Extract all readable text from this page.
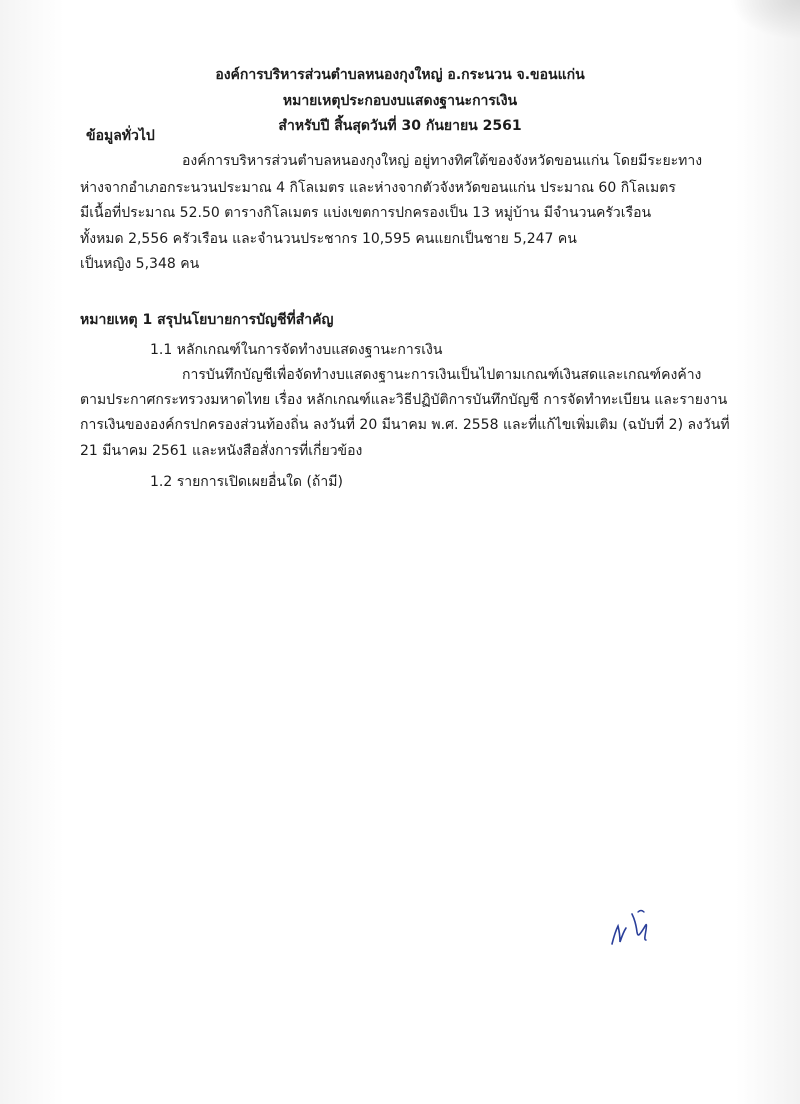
องค์การบริหารส่วนตำบลหนองกุงใหญ่ อ.กระนวน จ.ขอนแก่น
หมายเหตุประกอบงบแสดงฐานะการเงิน
สำหรับปี สิ้นสุดวันที่ 30 กันยายน 2561
ข้อมูลทั่วไป
องค์การบริหารส่วนตำบลหนองกุงใหญ่ อยู่ทางทิศใต้ของจังหวัดขอนแก่น โดยมีระยะทาง
ห่างจากอำเภอกระนวนประมาณ 4 กิโลเมตร และห่างจากตัวจังหวัดขอนแก่น ประมาณ 60 กิโลเมตร
มีเนื้อที่ประมาณ 52.50 ตารางกิโลเมตร แบ่งเขตการปกครองเป็น 13 หมู่บ้าน มีจำนวนครัวเรือน
ทั้งหมด 2,556 ครัวเรือน และจำนวนประชากร 10,595 คนแยกเป็นชาย 5,247 คน
เป็นหญิง 5,348 คน
หมายเหตุ 1 สรุปนโยบายการบัญชีที่สำคัญ
1.1 หลักเกณฑ์ในการจัดทำงบแสดงฐานะการเงิน
การบันทึกบัญชีเพื่อจัดทำงบแสดงฐานะการเงินเป็นไปตามเกณฑ์เงินสดและเกณฑ์คงค้าง
ตามประกาศกระทรวงมหาดไทย เรื่อง หลักเกณฑ์และวิธีปฏิบัติการบันทึกบัญชี การจัดทำทะเบียน และรายงาน
การเงินขององค์กรปกครองส่วนท้องถิ่น ลงวันที่ 20 มีนาคม พ.ศ. 2558 และที่แก้ไขเพิ่มเติม (ฉบับที่ 2) ลงวันที่
21 มีนาคม 2561 และหนังสือสั่งการที่เกี่ยวข้อง
1.2 รายการเปิดเผยอื่นใด (ถ้ามี)
